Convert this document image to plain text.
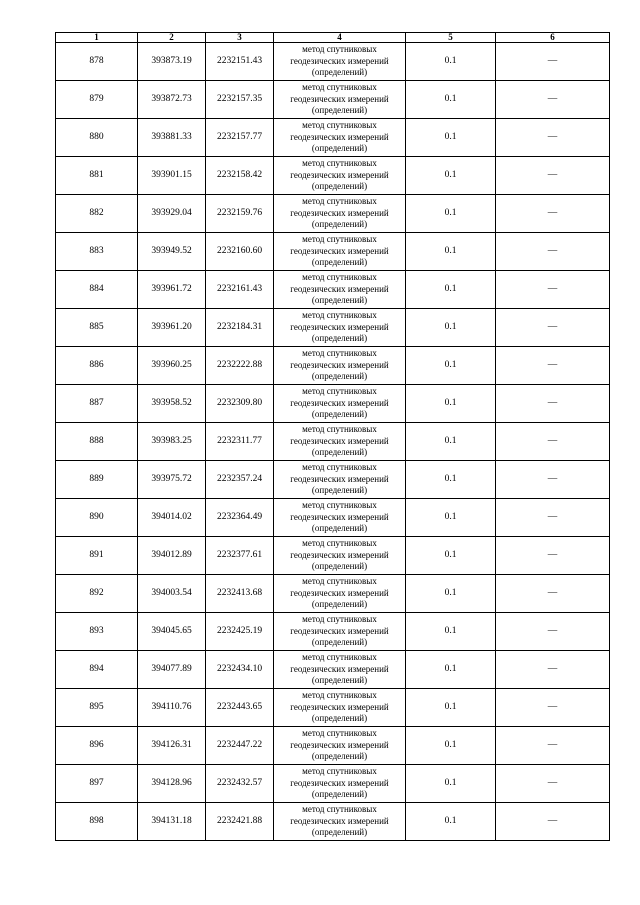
1	2	3	4	5	6
878	393873.19	2232151.43	метод спутниковых
геодезических измерений
(определений)	0.1	—
879	393872.73	2232157.35	метод спутниковых
геодезических измерений
(определений)	0.1	—
880	393881.33	2232157.77	метод спутниковых
геодезических измерений
(определений)	0.1	—
881	393901.15	2232158.42	метод спутниковых
геодезических измерений
(определений)	0.1	—
882	393929.04	2232159.76	метод спутниковых
геодезических измерений
(определений)	0.1	—
883	393949.52	2232160.60	метод спутниковых
геодезических измерений
(определений)	0.1	—
884	393961.72	2232161.43	метод спутниковых
геодезических измерений
(определений)	0.1	—
885	393961.20	2232184.31	метод спутниковых
геодезических измерений
(определений)	0.1	—
886	393960.25	2232222.88	метод спутниковых
геодезических измерений
(определений)	0.1	—
887	393958.52	2232309.80	метод спутниковых
геодезических измерений
(определений)	0.1	—
888	393983.25	2232311.77	метод спутниковых
геодезических измерений
(определений)	0.1	—
889	393975.72	2232357.24	метод спутниковых
геодезических измерений
(определений)	0.1	—
890	394014.02	2232364.49	метод спутниковых
геодезических измерений
(определений)	0.1	—
891	394012.89	2232377.61	метод спутниковых
геодезических измерений
(определений)	0.1	—
892	394003.54	2232413.68	метод спутниковых
геодезических измерений
(определений)	0.1	—
893	394045.65	2232425.19	метод спутниковых
геодезических измерений
(определений)	0.1	—
894	394077.89	2232434.10	метод спутниковых
геодезических измерений
(определений)	0.1	—
895	394110.76	2232443.65	метод спутниковых
геодезических измерений
(определений)	0.1	—
896	394126.31	2232447.22	метод спутниковых
геодезических измерений
(определений)	0.1	—
897	394128.96	2232432.57	метод спутниковых
геодезических измерений
(определений)	0.1	—
898	394131.18	2232421.88	метод спутниковых
геодезических измерений
(определений)	0.1	—
